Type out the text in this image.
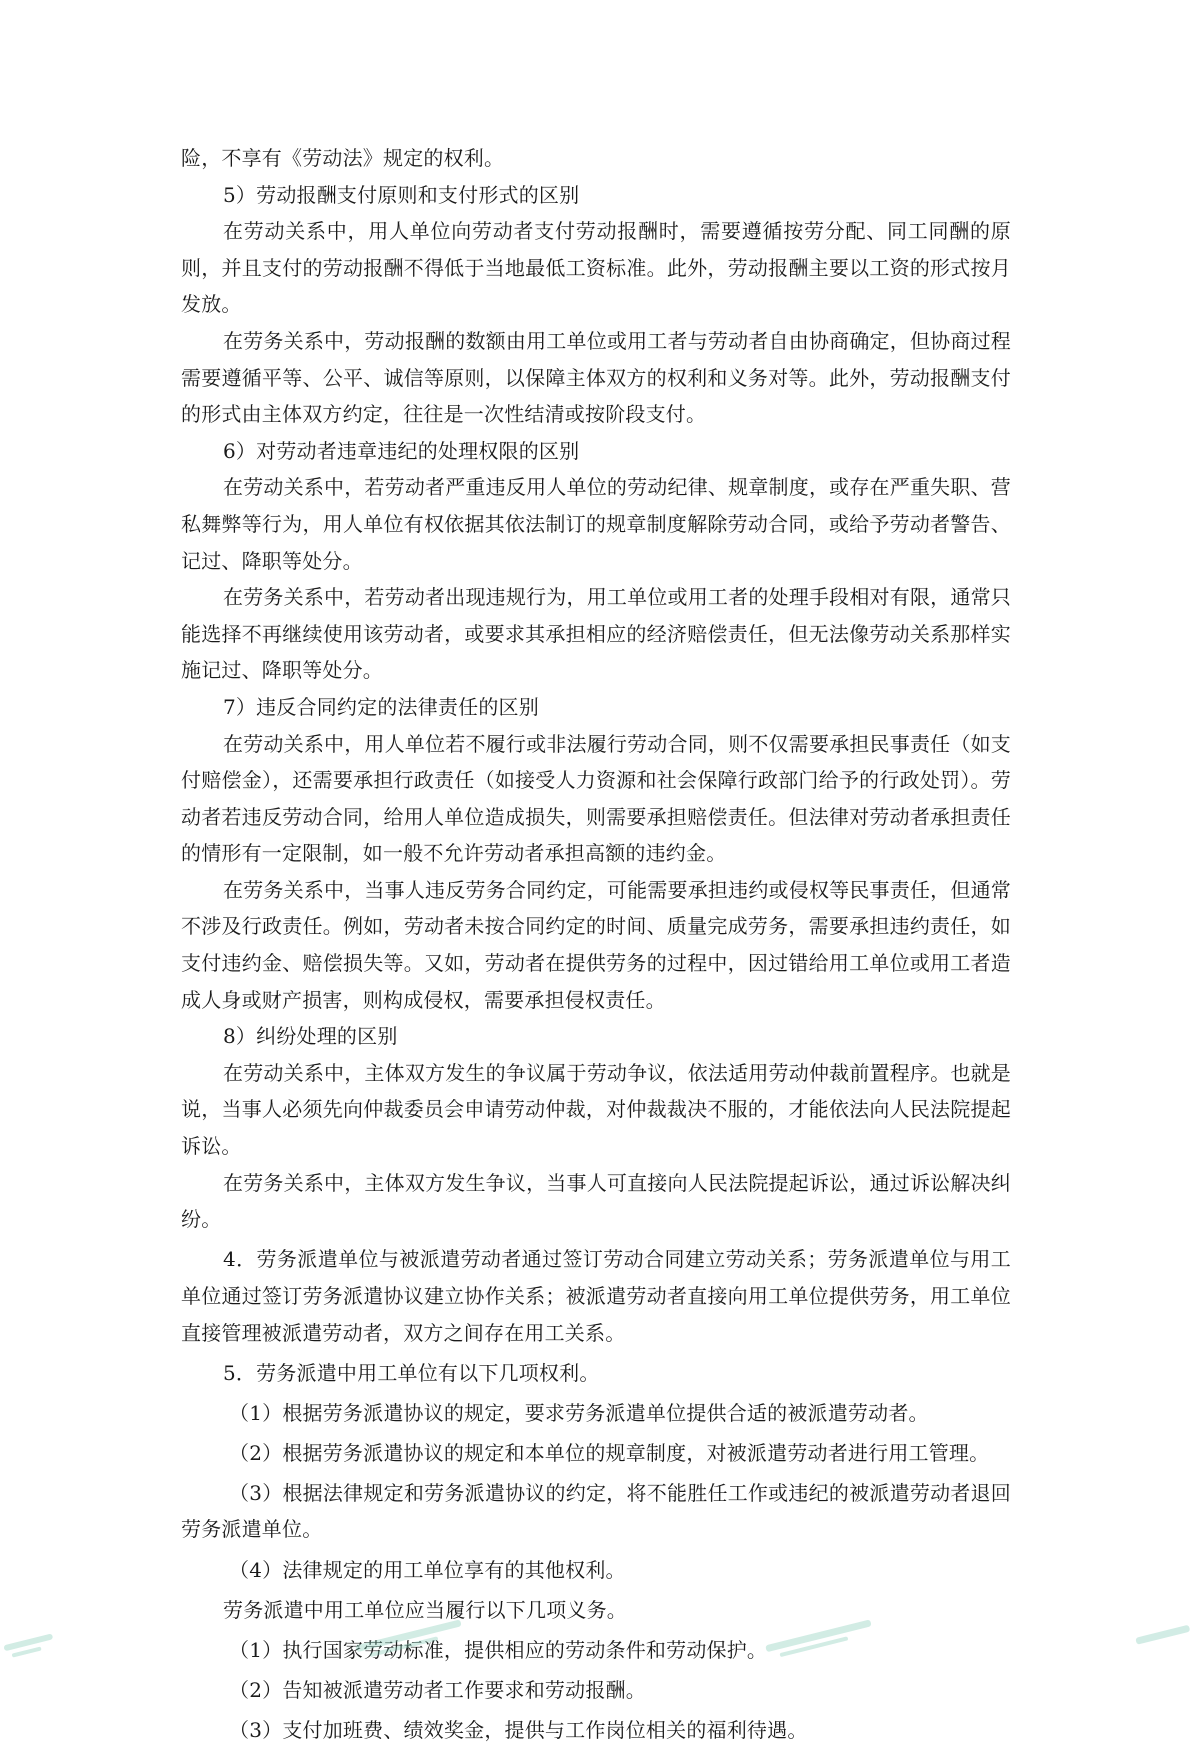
险，不享有《劳动法》规定的权利。

5）劳动报酬支付原则和支付形式的区别

在劳动关系中，用人单位向劳动者支付劳动报酬时，需要遵循按劳分配、同工同酬的原则，并且支付的劳动报酬不得低于当地最低工资标准。此外，劳动报酬主要以工资的形式按月发放。

在劳务关系中，劳动报酬的数额由用工单位或用工者与劳动者自由协商确定，但协商过程需要遵循平等、公平、诚信等原则，以保障主体双方的权利和义务对等。此外，劳动报酬支付的形式由主体双方约定，往往是一次性结清或按阶段支付。

6）对劳动者违章违纪的处理权限的区别

在劳动关系中，若劳动者严重违反用人单位的劳动纪律、规章制度，或存在严重失职、营私舞弊等行为，用人单位有权依据其依法制订的规章制度解除劳动合同，或给予劳动者警告、记过、降职等处分。

在劳务关系中，若劳动者出现违规行为，用工单位或用工者的处理手段相对有限，通常只能选择不再继续使用该劳动者，或要求其承担相应的经济赔偿责任，但无法像劳动关系那样实施记过、降职等处分。

7）违反合同约定的法律责任的区别

在劳动关系中，用人单位若不履行或非法履行劳动合同，则不仅需要承担民事责任（如支付赔偿金），还需要承担行政责任（如接受人力资源和社会保障行政部门给予的行政处罚）。劳动者若违反劳动合同，给用人单位造成损失，则需要承担赔偿责任。但法律对劳动者承担责任的情形有一定限制，如一般不允许劳动者承担高额的违约金。

在劳务关系中，当事人违反劳务合同约定，可能需要承担违约或侵权等民事责任，但通常不涉及行政责任。例如，劳动者未按合同约定的时间、质量完成劳务，需要承担违约责任，如支付违约金、赔偿损失等。又如，劳动者在提供劳务的过程中，因过错给用工单位或用工者造成人身或财产损害，则构成侵权，需要承担侵权责任。

8）纠纷处理的区别

在劳动关系中，主体双方发生的争议属于劳动争议，依法适用劳动仲裁前置程序。也就是说，当事人必须先向仲裁委员会申请劳动仲裁，对仲裁裁决不服的，才能依法向人民法院提起诉讼。

在劳务关系中，主体双方发生争议，当事人可直接向人民法院提起诉讼，通过诉讼解决纠纷。

4．劳务派遣单位与被派遣劳动者通过签订劳动合同建立劳动关系；劳务派遣单位与用工单位通过签订劳务派遣协议建立协作关系；被派遣劳动者直接向用工单位提供劳务，用工单位直接管理被派遣劳动者，双方之间存在用工关系。

5．劳务派遣中用工单位有以下几项权利。

（1）根据劳务派遣协议的规定，要求劳务派遣单位提供合适的被派遣劳动者。

（2）根据劳务派遣协议的规定和本单位的规章制度，对被派遣劳动者进行用工管理。

（3）根据法律规定和劳务派遣协议的约定，将不能胜任工作或违纪的被派遣劳动者退回劳务派遣单位。

（4）法律规定的用工单位享有的其他权利。

劳务派遣中用工单位应当履行以下几项义务。

（1）执行国家劳动标准，提供相应的劳动条件和劳动保护。

（2）告知被派遣劳动者工作要求和劳动报酬。

（3）支付加班费、绩效奖金，提供与工作岗位相关的福利待遇。
